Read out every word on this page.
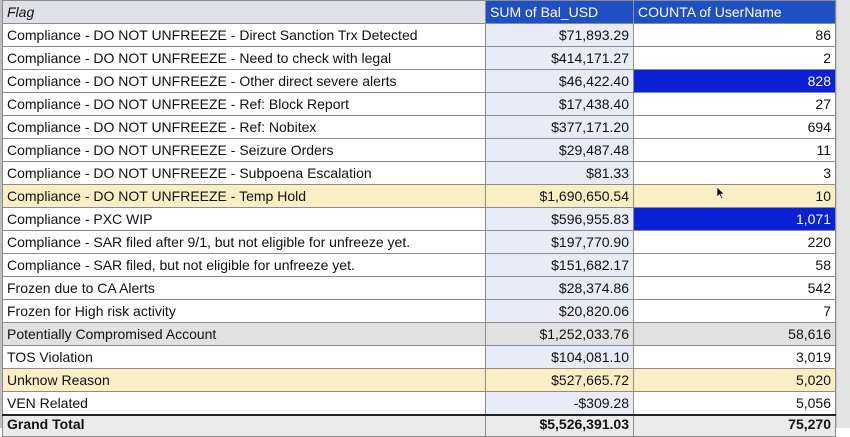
Flag	SUM of Bal_USD	COUNTA of UserName
Compliance - DO NOT UNFREEZE - Direct Sanction Trx Detected	$71,893.29	86
Compliance - DO NOT UNFREEZE - Need to check with legal	$414,171.27	2
Compliance - DO NOT UNFREEZE - Other direct severe alerts	$46,422.40	828
Compliance - DO NOT UNFREEZE - Ref: Block Report	$17,438.40	27
Compliance - DO NOT UNFREEZE - Ref: Nobitex	$377,171.20	694
Compliance - DO NOT UNFREEZE - Seizure Orders	$29,487.48	11
Compliance - DO NOT UNFREEZE - Subpoena Escalation	$81.33	3
Compliance - DO NOT UNFREEZE - Temp Hold	$1,690,650.54	10
Compliance - PXC WIP	$596,955.83	1,071
Compliance - SAR filed after 9/1, but not eligible for unfreeze yet.	$197,770.90	220
Compliance - SAR filed, but not eligible for unfreeze yet.	$151,682.17	58
Frozen due to CA Alerts	$28,374.86	542
Frozen for High risk activity	$20,820.06	7
Potentially Compromised Account	$1,252,033.76	58,616
TOS Violation	$104,081.10	3,019
Unknow Reason	$527,665.72	5,020
VEN Related	-$309.28	5,056
Grand Total	$5,526,391.03	75,270
